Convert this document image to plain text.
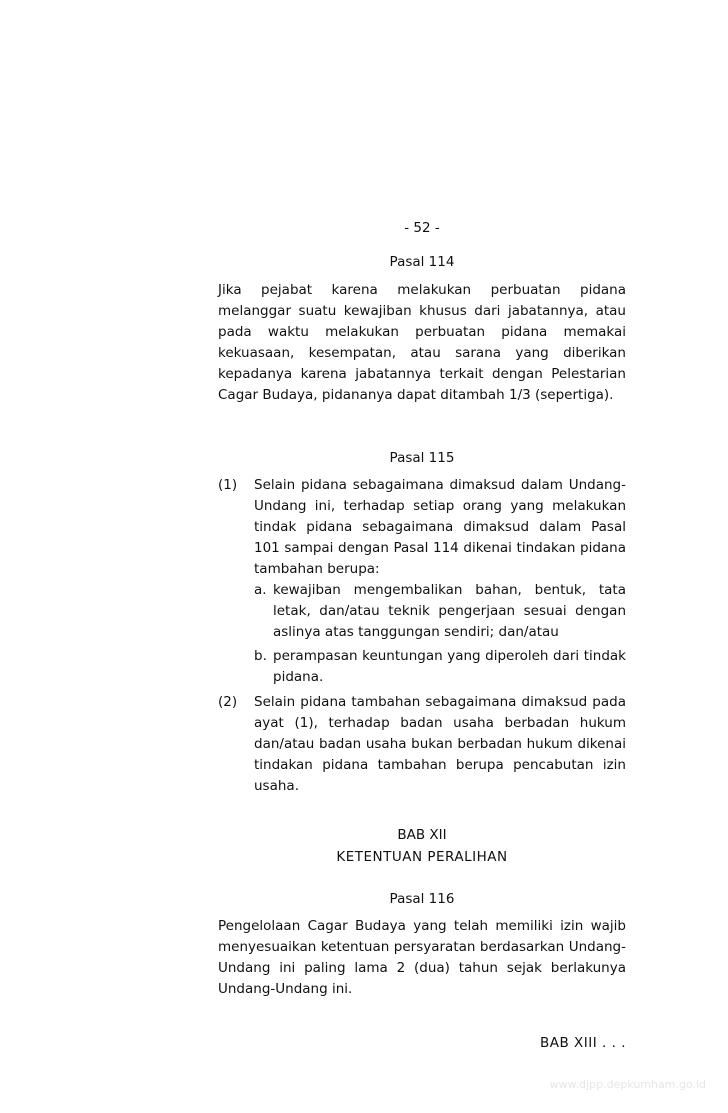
- 52 -
Pasal 114
Jika pejabat karena melakukan perbuatan pidana melanggar suatu kewajiban khusus dari jabatannya, atau pada waktu melakukan perbuatan pidana memakai kekuasaan, kesempatan, atau sarana yang diberikan kepadanya karena jabatannya terkait dengan Pelestarian Cagar Budaya, pidananya dapat ditambah 1/3 (sepertiga).
Pasal 115
(1) Selain pidana sebagaimana dimaksud dalam Undang-Undang ini, terhadap setiap orang yang melakukan tindak pidana sebagaimana dimaksud dalam Pasal 101 sampai dengan Pasal 114 dikenai tindakan pidana tambahan berupa:
a. kewajiban mengembalikan bahan, bentuk, tata letak, dan/atau teknik pengerjaan sesuai dengan aslinya atas tanggungan sendiri; dan/atau
b. perampasan keuntungan yang diperoleh dari tindak pidana.
(2) Selain pidana tambahan sebagaimana dimaksud pada ayat (1), terhadap badan usaha berbadan hukum dan/atau badan usaha bukan berbadan hukum dikenai tindakan pidana tambahan berupa pencabutan izin usaha.
BAB XII
KETENTUAN PERALIHAN
Pasal 116
Pengelolaan Cagar Budaya yang telah memiliki izin wajib menyesuaikan ketentuan persyaratan berdasarkan Undang-Undang ini paling lama 2 (dua) tahun sejak berlakunya Undang-Undang ini.
BAB XIII . . .
www.djpp.depkumham.go.id
